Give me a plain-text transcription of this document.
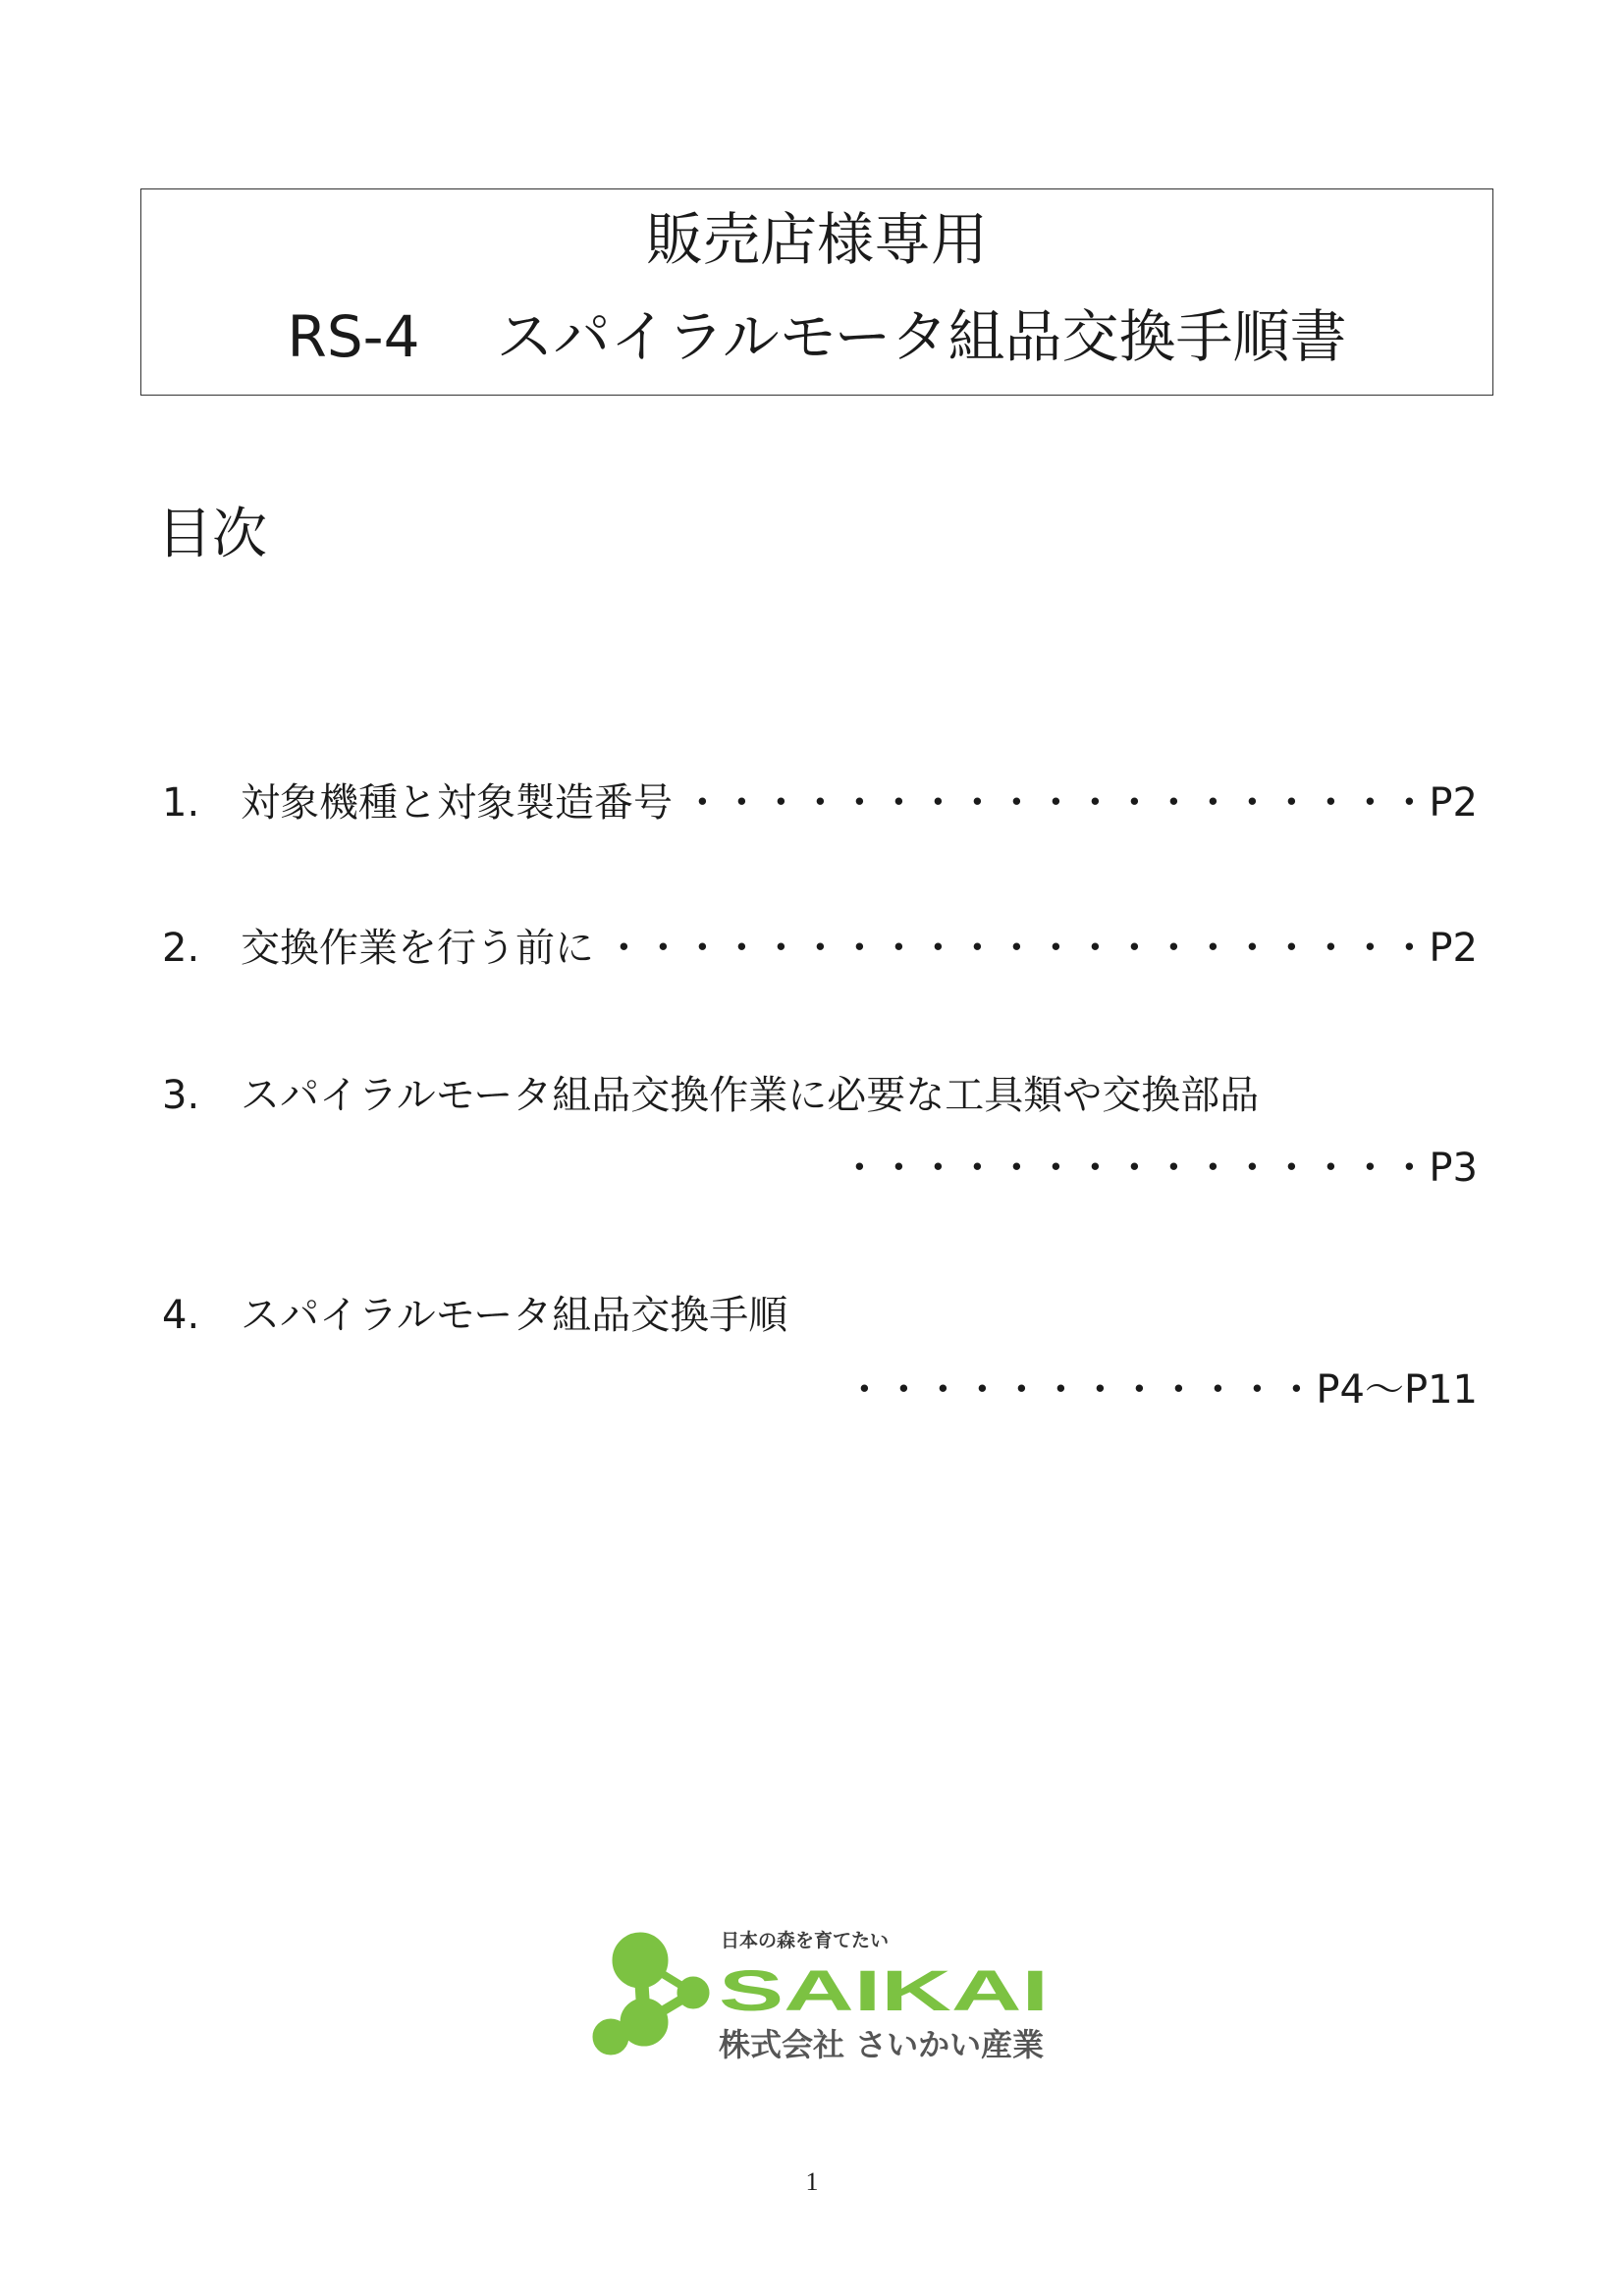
販売店様専用
RS-4 スパイラルモータ組品交換手順書
目次
1. 対象機種と対象製造番号 ・・・・・・・・・・・・・・・・・・・P2
2. 交換作業を行う前に ・・・・・・・・・・・・・・・・・・・・・P2
3. スパイラルモータ組品交換作業に必要な工具類や交換部品
・・・・・・・・・・・・・・・P3
4. スパイラルモータ組品交換手順
・・・・・・・・・・・・P4～P11
日本の森を育てたい
SAIKAI
株式会社 さいかい産業
1
